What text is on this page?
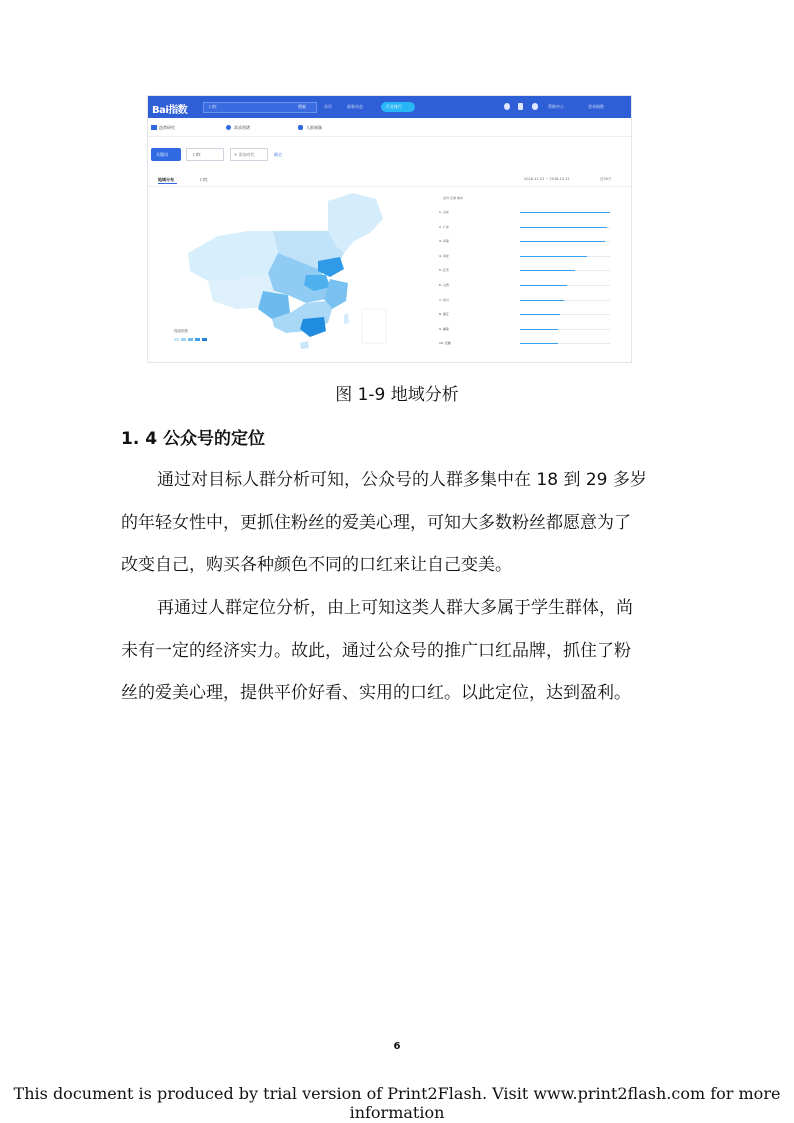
Bai指数	口红	搜索	首页	最新动态	行业排行	帮助中心	登录指数
趋势研究	需求图谱	人群画像
关键词	口红	+ 添加对比	确定
地域分布	口红	2018-11-22 ~ 2018-12-21	近30天
搜索指数
省份 区域 城市
1. 山东
2. 广东
3. 河南
4. 河北
5. 江苏
6. 山西
7. 四川
8. 浙江
9. 湖南
10. 安徽
图 1-9 地域分析
1. 4 公众号的定位
通过对目标人群分析可知，公众号的人群多集中在 18 到 29 多岁
的年轻女性中，更抓住粉丝的爱美心理，可知大多数粉丝都愿意为了
改变自己，购买各种颜色不同的口红来让自己变美。
再通过人群定位分析，由上可知这类人群大多属于学生群体，尚
未有一定的经济实力。故此，通过公众号的推广口红品牌，抓住了粉
丝的爱美心理，提供平价好看、实用的口红。以此定位，达到盈利。
6
This document is produced by trial version of Print2Flash. Visit www.print2flash.com for more information
